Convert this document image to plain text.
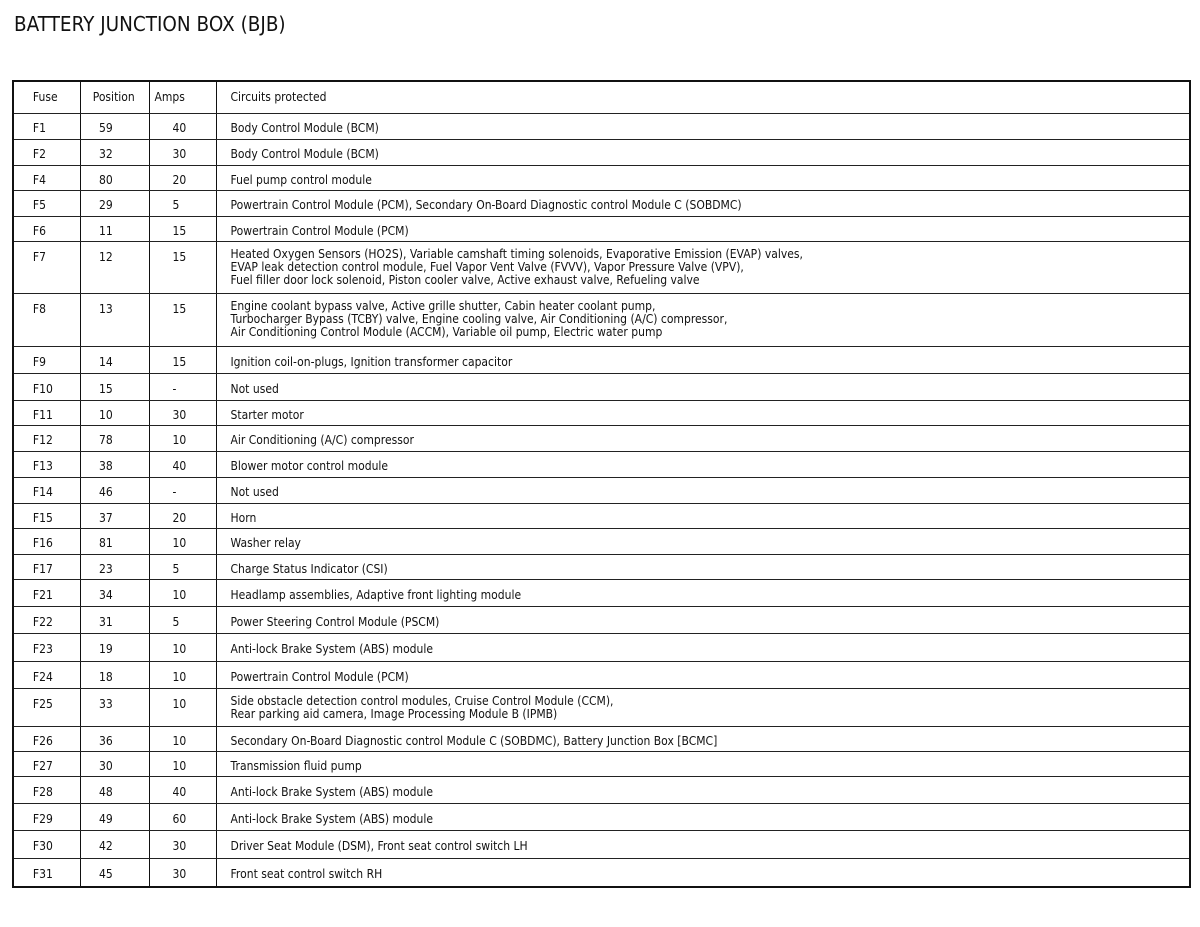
BATTERY JUNCTION BOX (BJB)
Fuse	Position	Amps	Circuits protected

F1	59	40	Body Control Module (BCM)

F2	32	30	Body Control Module (BCM)

F4	80	20	Fuel pump control module

F5	29	5	Powertrain Control Module (PCM), Secondary On-Board Diagnostic control Module C (SOBDMC)

F6	11	15	Powertrain Control Module (PCM)

F7	12	15	Heated Oxygen Sensors (HO2S), Variable camshaft timing solenoids, Evaporative Emission (EVAP) valves,
EVAP leak detection control module, Fuel Vapor Vent Valve (FVVV), Vapor Pressure Valve (VPV),
Fuel filler door lock solenoid, Piston cooler valve, Active exhaust valve, Refueling valve

F8	13	15	Engine coolant bypass valve, Active grille shutter, Cabin heater coolant pump,
Turbocharger Bypass (TCBY) valve, Engine cooling valve, Air Conditioning (A/C) compressor,
Air Conditioning Control Module (ACCM), Variable oil pump, Electric water pump

F9	14	15	Ignition coil-on-plugs, Ignition transformer capacitor

F10	15	-	Not used

F11	10	30	Starter motor

F12	78	10	Air Conditioning (A/C) compressor

F13	38	40	Blower motor control module

F14	46	-	Not used

F15	37	20	Horn

F16	81	10	Washer relay

F17	23	5	Charge Status Indicator (CSI)

F21	34	10	Headlamp assemblies, Adaptive front lighting module

F22	31	5	Power Steering Control Module (PSCM)

F23	19	10	Anti-lock Brake System (ABS) module

F24	18	10	Powertrain Control Module (PCM)

F25	33	10	Side obstacle detection control modules, Cruise Control Module (CCM),
Rear parking aid camera, Image Processing Module B (IPMB)

F26	36	10	Secondary On-Board Diagnostic control Module C (SOBDMC), Battery Junction Box [BCMC]

F27	30	10	Transmission fluid pump

F28	48	40	Anti-lock Brake System (ABS) module

F29	49	60	Anti-lock Brake System (ABS) module

F30	42	30	Driver Seat Module (DSM), Front seat control switch LH

F31	45	30	Front seat control switch RH
